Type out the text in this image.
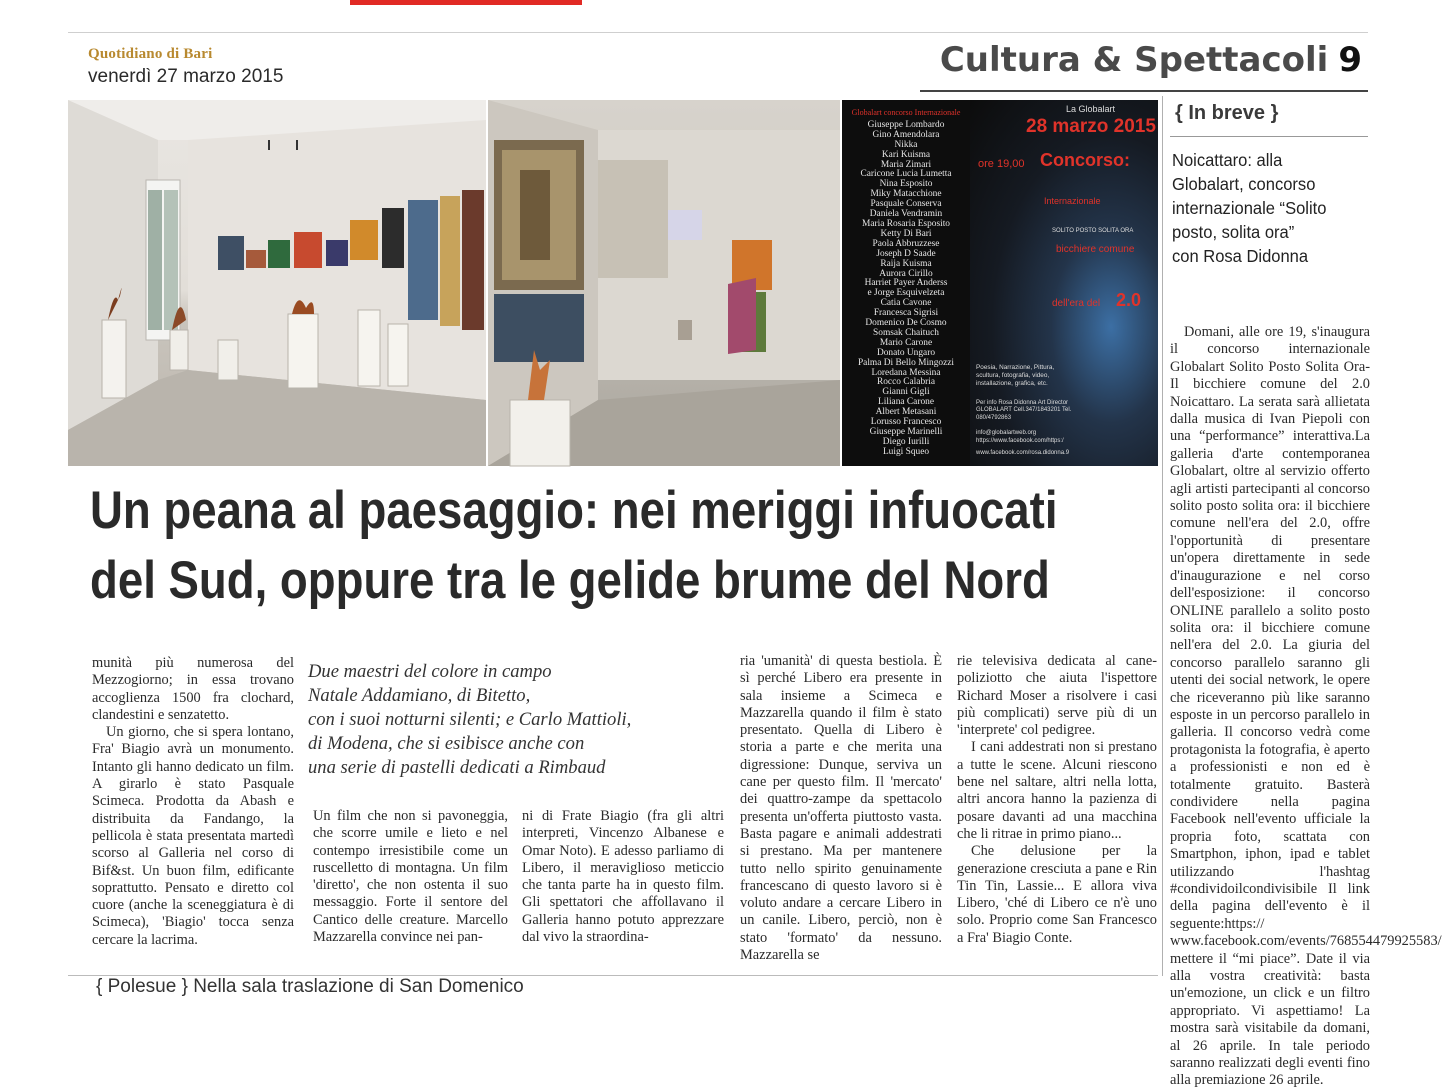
Quotidiano di Bari
venerdì 27 marzo 2015	Cultura & Spettacoli 9
Globalart concorso Internazionale
Giuseppe Lombardo
Gino Amendolara
Nikka
Kari Kuisma
Maria Zimari
Caricone Lucia Lumetta
Nina Esposito
Miky Matacchione
Pasquale Conserva
Daniela Vendramin
Maria Rosaria Esposito
Ketty Di Bari
Paola Abbruzzese
Joseph D Saade
Raija Kuisma
Aurora Cirillo
Harriet Payer Anderss
e Jorge Esquivelzeta
Catia Cavone
Francesca Sigrisi
Domenico De Cosmo
Somsak Chaituch
Mario Carone
Donato Ungaro
Palma Di Bello Mingozzi
Loredana Messina
Rocco Calabria
Gianni Gigli
Liliana Carone
Albert Metasani
Lorusso Francesco
Giuseppe Marinelli
Diego Iurilli
Luigi Squeo
La Globalart
28 marzo 2015
ore 19,00 Concorso:
Internazionale
SOLITO POSTO SOLITA ORA
bicchiere comune
dell'era del 2.0
Poesia, Narrazione, Pittura, scultura, fotografia, video, installazione, grafica, etc.
Per info Rosa Didonna Art Director GLOBALART Cell.347/1843201 Tel. 080/4792863
info@globalartweb.org
https://www.facebook.com/https:/
www.facebook.com/rosa.didonna.9
Un peana al paesaggio: nei meriggi infuocati
del Sud, oppure tra le gelide brume del Nord
Due maestri del colore in campo
Natale Addamiano, di Bitetto,
con i suoi notturni silenti; e Carlo Mattioli,
di Modena, che si esibisce anche con
una serie di pastelli dedicati a Rimbaud

munità più numerosa del Mezzogiorno; in essa trovano accoglienza 1500 fra clochard, clandestini e senzatetto.

Un giorno, che si spera lontano, Fra' Biagio avrà un monumento. Intanto gli hanno dedicato un film. A girarlo è stato Pasquale Scimeca. Prodotta da Abash e distribuita da Fandango, la pellicola è stata presentata martedì scorso al Galleria nel corso di Bif&st. Un buon film, edificante soprattutto. Pensato e diretto col cuore (anche la sceneggiatura è di Scimeca), 'Biagio' tocca senza cercare la lacrima.

Un film che non si pavoneggia, che scorre umile e lieto e nel contempo irresistibile come un ruscelletto di montagna. Un film 'diretto', che non ostenta il suo messaggio. Forte il sentore del Cantico delle creature. Marcello Mazzarella convince nei pan-

ni di Frate Biagio (fra gli altri interpreti, Vincenzo Albanese e Omar Noto). E adesso parliamo di Libero, il meraviglioso meticcio che tanta parte ha in questo film. Gli spettatori che affollavano il Galleria hanno potuto apprezzare dal vivo la straordina-

ria 'umanità' di questa bestiola. È sì perché Libero era presente in sala insieme a Scimeca e Mazzarella quando il film è stato presentato. Quella di Libero è storia a parte e che merita una digressione: Dunque, serviva un cane per questo film. Il 'mercato' dei quattro-zampe da spettacolo presenta un'offerta piuttosto vasta. Basta pagare e animali addestrati si prestano. Ma per mantenere tutto nello spirito genuinamente francescano di questo lavoro si è voluto andare a cercare Libero in un canile. Libero, perciò, non è stato 'formato' da nessuno. Mazzarella se

rie televisiva dedicata al cane-poliziotto che aiuta l'ispettore Richard Moser a risolvere i casi più complicati) serve più di un 'interprete' col pedigree.

I cani addestrati non si prestano a tutte le scene. Alcuni riescono bene nel saltare, altri nella lotta, altri ancora hanno la pazienza di posare davanti ad una macchina che li ritrae in primo piano...

Che delusione per la generazione cresciuta a pane e Rin Tin Tin, Lassie... E allora viva Libero, 'ché di Libero ce n'è uno solo. Proprio come San Francesco a Fra' Biagio Conte.

{ In breve }
Noicattaro: alla
Globalart, concorso
internazionale “Solito
posto, solita ora”
con Rosa Didonna
Domani, alle ore 19, s'inaugura il concorso internazionale Globalart Solito Posto Solita Ora- Il bicchiere comune del 2.0 Noicattaro. La serata sarà allietata dalla musica di Ivan Piepoli con una “performance” interattiva.La galleria d'arte contemporanea Globalart, oltre al servizio offerto agli artisti partecipanti al concorso solito posto solita ora: il bicchiere comune nell'era del 2.0, offre l'opportunità di presentare un'opera direttamente in sede d'inaugurazione e nel corso dell'esposizione: il concorso ONLINE parallelo a solito posto solita ora: il bicchiere comune nell'era del 2.0. La giuria del concorso parallelo saranno gli utenti dei social network, le opere che riceveranno più like saranno esposte in un percorso parallelo in galleria. Il concorso vedrà come protagonista la fotografia, è aperto a professionisti e non ed è totalmente gratuito. Basterà condividere nella pagina Facebook nell'evento ufficiale la propria foto, scattata con Smartphon, iphon, ipad e tablet utilizzando l'hashtag #condividoilcondivisibile Il link della pagina dell'evento è il seguente:https:// www.facebook.com/events/768554479925583/ mettere il “mi piace”. Date il via alla vostra creatività: basta un'emozione, un click e un filtro appropriato. Vi aspettiamo! La mostra sarà visitabile da domani, al 26 aprile. In tale periodo saranno realizzati degli eventi fino alla premiazione 26 aprile.
{ Polesue } Nella sala traslazione di San Domenico
